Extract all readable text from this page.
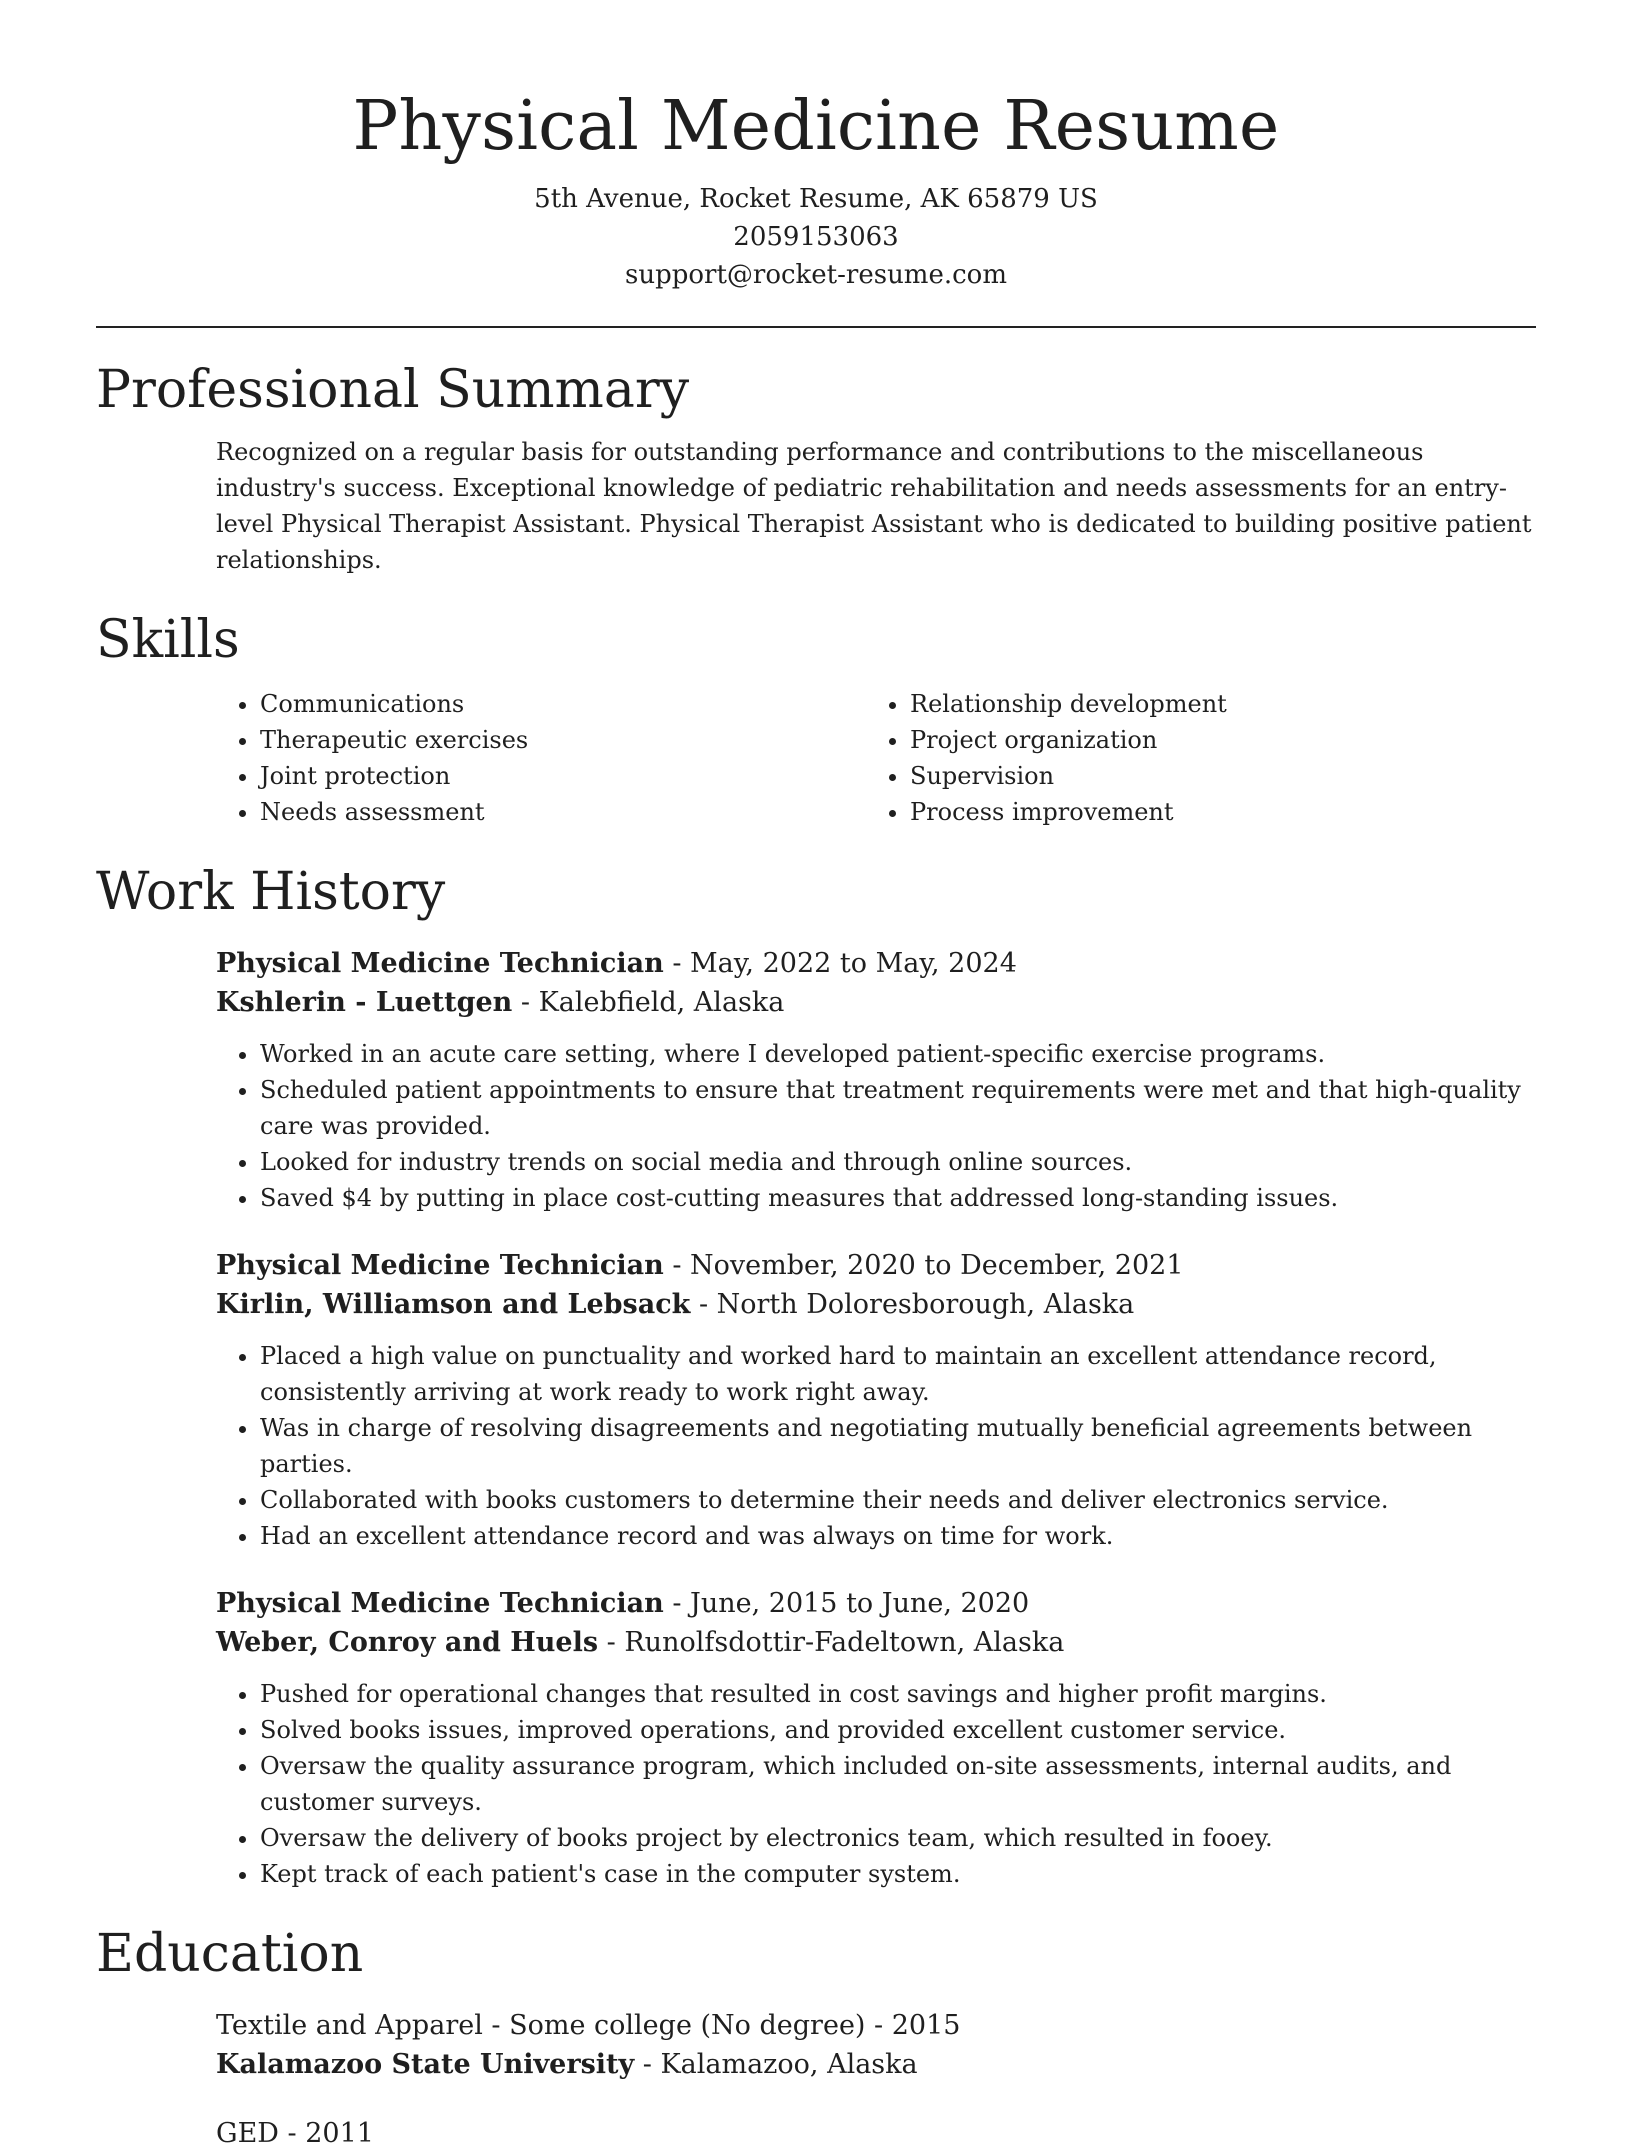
Physical Medicine Resume
5th Avenue, Rocket Resume, AK 65879 US
2059153063
support@rocket-resume.com
Professional Summary
Recognized on a regular basis for outstanding performance and contributions to the miscellaneous industry's success. Exceptional knowledge of pediatric rehabilitation and needs assessments for an entry-level Physical Therapist Assistant. Physical Therapist Assistant who is dedicated to building positive patient relationships.
Skills
• Communications
• Therapeutic exercises
• Joint protection
• Needs assessment
• Relationship development
• Project organization
• Supervision
• Process improvement
Work History
Physical Medicine Technician - May, 2022 to May, 2024
Kshlerin - Luettgen - Kalebfield, Alaska
• Worked in an acute care setting, where I developed patient-specific exercise programs.
• Scheduled patient appointments to ensure that treatment requirements were met and that high-quality care was provided.
• Looked for industry trends on social media and through online sources.
• Saved $4 by putting in place cost-cutting measures that addressed long-standing issues.
Physical Medicine Technician - November, 2020 to December, 2021
Kirlin, Williamson and Lebsack - North Doloresborough, Alaska
• Placed a high value on punctuality and worked hard to maintain an excellent attendance record, consistently arriving at work ready to work right away.
• Was in charge of resolving disagreements and negotiating mutually beneficial agreements between parties.
• Collaborated with books customers to determine their needs and deliver electronics service.
• Had an excellent attendance record and was always on time for work.
Physical Medicine Technician - June, 2015 to June, 2020
Weber, Conroy and Huels - Runolfsdottir-Fadeltown, Alaska
• Pushed for operational changes that resulted in cost savings and higher profit margins.
• Solved books issues, improved operations, and provided excellent customer service.
• Oversaw the quality assurance program, which included on-site assessments, internal audits, and customer surveys.
• Oversaw the delivery of books project by electronics team, which resulted in fooey.
• Kept track of each patient's case in the computer system.
Education
Textile and Apparel - Some college (No degree) - 2015
Kalamazoo State University - Kalamazoo, Alaska
GED - 2011
